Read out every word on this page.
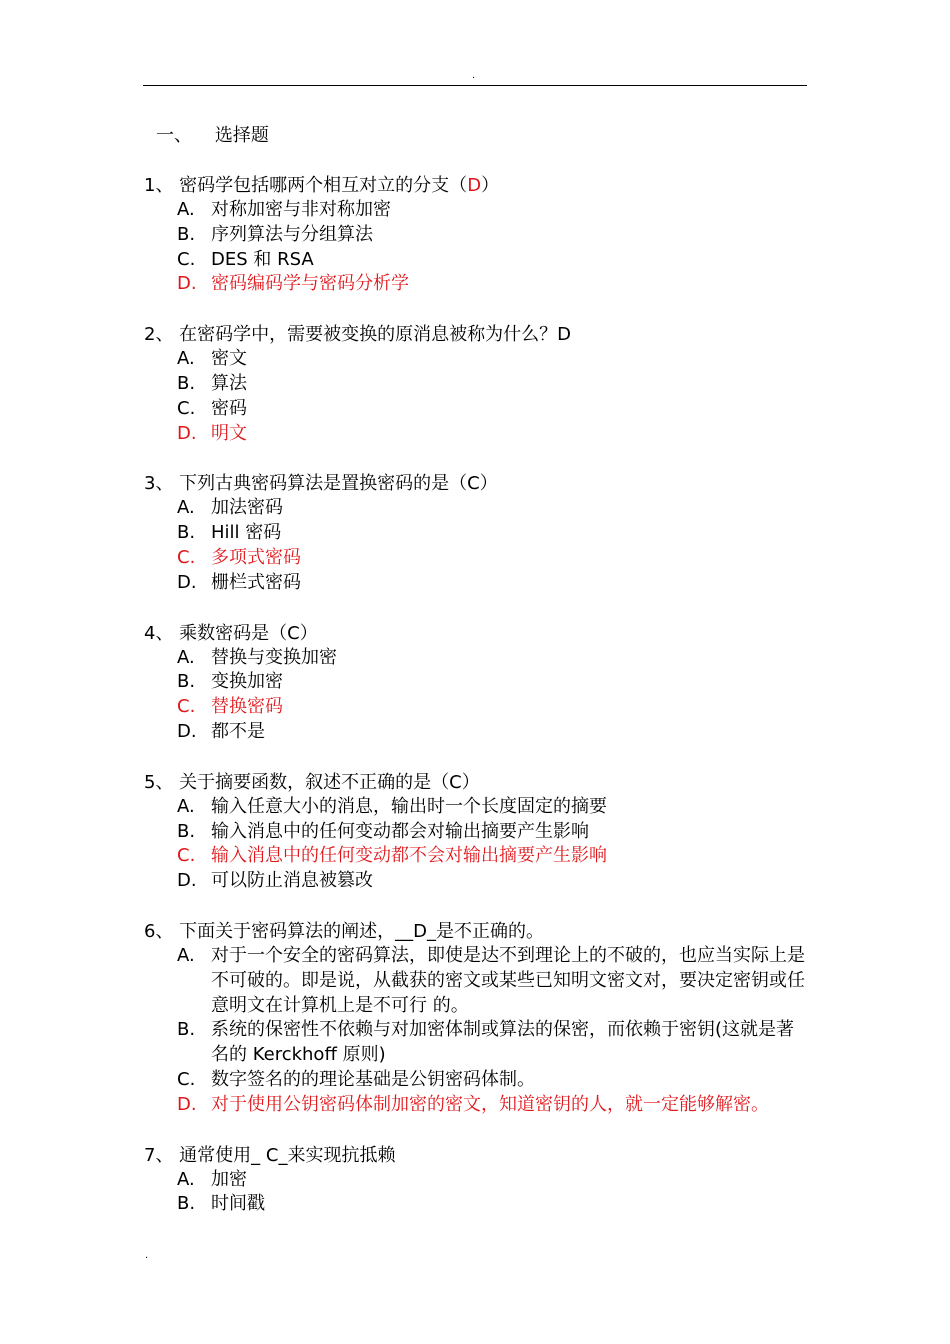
.
一、    选择题
1、 密码学包括哪两个相互对立的分支（D）
A. 对称加密与非对称加密
B. 序列算法与分组算法
C. DES 和 RSA
D. 密码编码学与密码分析学
2、 在密码学中，需要被变换的原消息被称为什么？D
A. 密文
B. 算法
C. 密码
D. 明文
3、 下列古典密码算法是置换密码的是（C）
A. 加法密码
B. Hill 密码
C. 多项式密码
D. 栅栏式密码
4、 乘数密码是（C）
A. 替换与变换加密
B. 变换加密
C. 替换密码
D. 都不是
5、 关于摘要函数，叙述不正确的是（C）
A. 输入任意大小的消息，输出时一个长度固定的摘要
B. 输入消息中的任何变动都会对输出摘要产生影响
C. 输入消息中的任何变动都不会对输出摘要产生影响
D. 可以防止消息被篡改
6、 下面关于密码算法的阐述，__D_是不正确的。
A. 对于一个安全的密码算法，即使是达不到理论上的不破的，也应当实际上是不可破的。即是说，从截获的密文或某些已知明文密文对，要决定密钥或任意明文在计算机上是不可行 的。
B. 系统的保密性不依赖与对加密体制或算法的保密，而依赖于密钥(这就是著名的 Kerckhoff 原则)
C. 数字签名的的理论基础是公钥密码体制。
D. 对于使用公钥密码体制加密的密文，知道密钥的人，就一定能够解密。
7、 通常使用_ C_来实现抗抵赖
A. 加密
B. 时间戳
.
